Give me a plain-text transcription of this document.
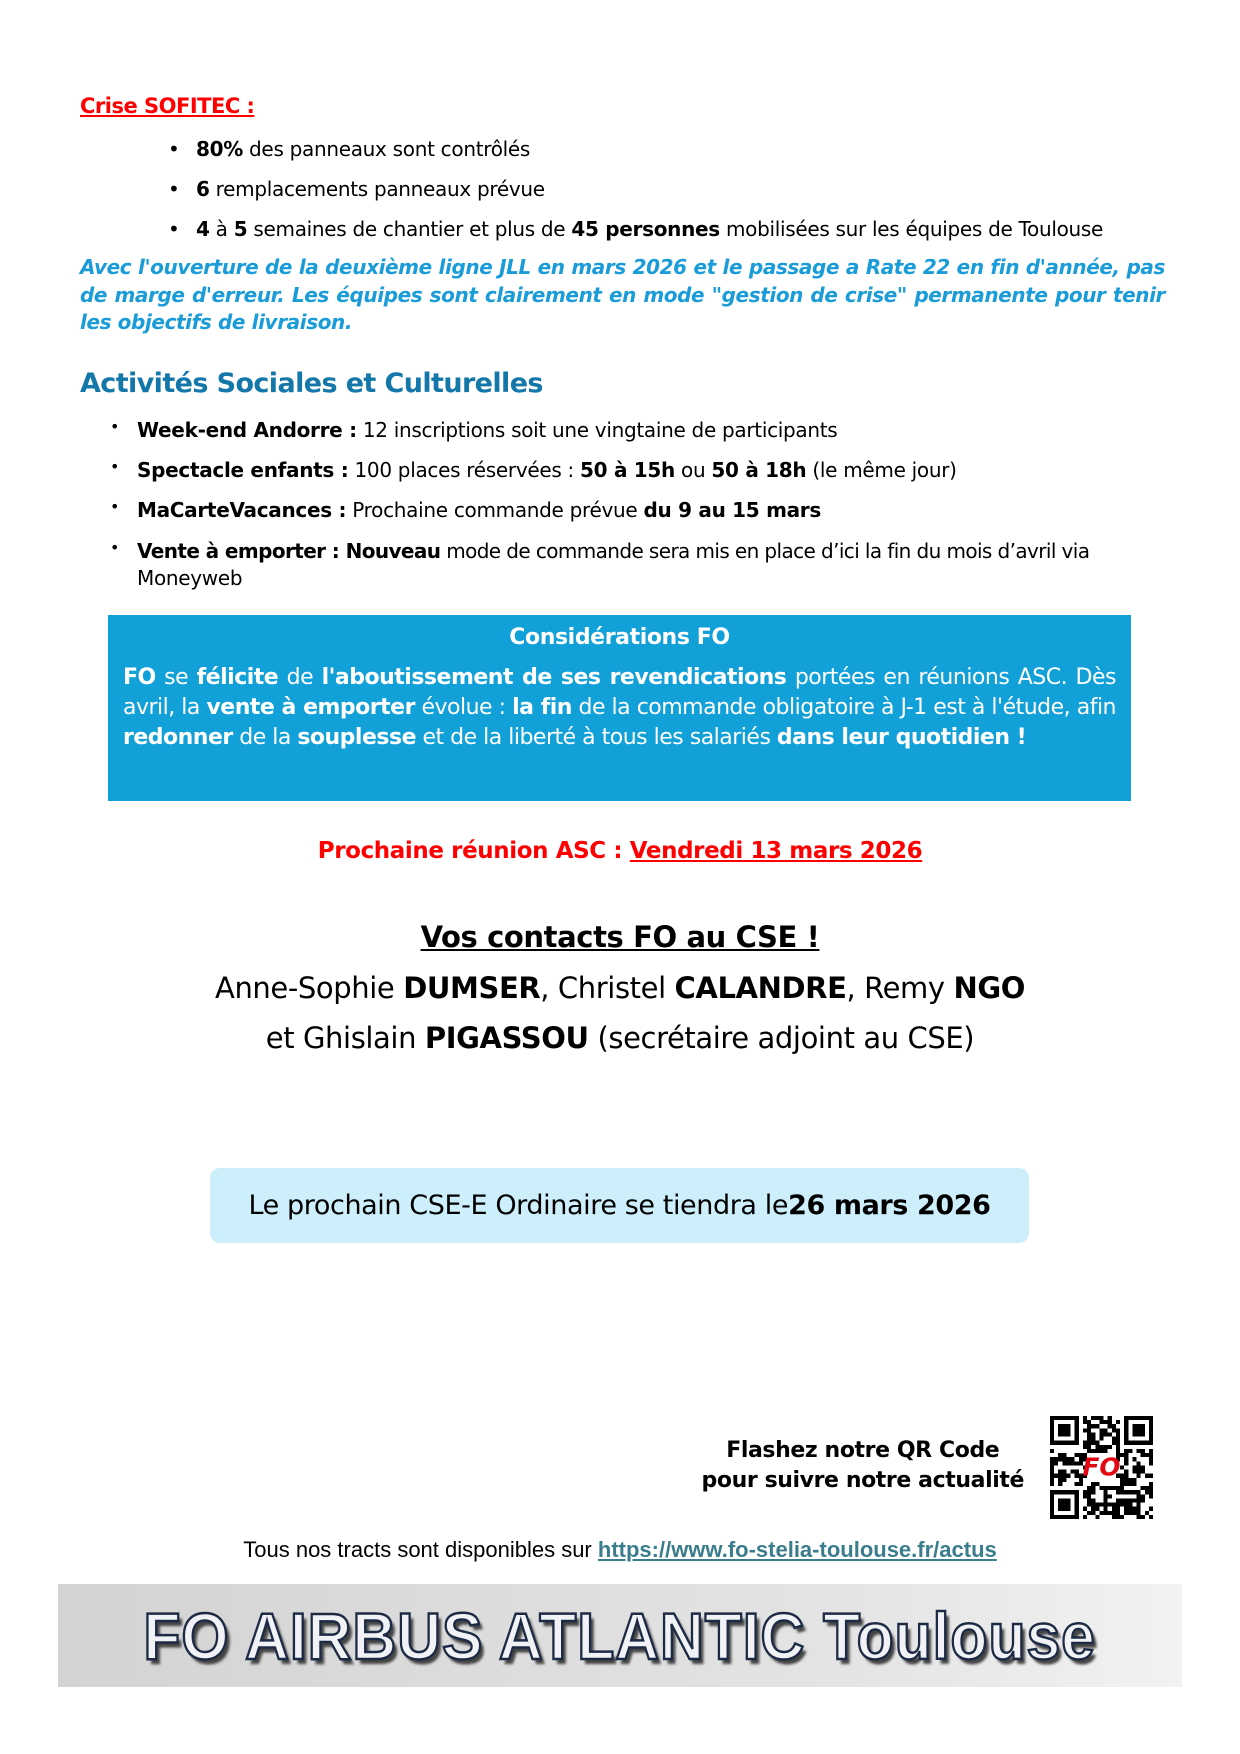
Crise SOFITEC :
• 80% des panneaux sont contrôlés
• 6 remplacements panneaux prévue
• 4 à 5 semaines de chantier et plus de 45 personnes mobilisées sur les équipes de Toulouse
Avec l'ouverture de la deuxième ligne JLL en mars 2026 et le passage a Rate 22 en fin d'année, pas de marge d'erreur. Les équipes sont clairement en mode "gestion de crise" permanente pour tenir les objectifs de livraison.
Activités Sociales et Culturelles
• Week-end Andorre : 12 inscriptions soit une vingtaine de participants
• Spectacle enfants : 100 places réservées : 50 à 15h ou 50 à 18h (le même jour)
• MaCarteVacances : Prochaine commande prévue du 9 au 15 mars
• Vente à emporter : Nouveau mode de commande sera mis en place d’ici la fin du mois d’avril via
Moneyweb
Considérations FO
FO se félicite de l'aboutissement de ses revendications portées en réunions ASC. Dès avril, la vente à emporter évolue : la fin de la commande obligatoire à J-1 est à l'étude, afin redonner de la souplesse et de la liberté à tous les salariés dans leur quotidien !
Prochaine réunion ASC : Vendredi 13 mars 2026
Vos contacts FO au CSE !
Anne-Sophie DUMSER, Christel CALANDRE, Remy NGO
et Ghislain PIGASSOU (secrétaire adjoint au CSE)
Le prochain CSE-E Ordinaire se tiendra le 26 mars 2026
Flashez notre QR Code
pour suivre notre actualité	FO
Tous nos tracts sont disponibles sur https://www.fo-stelia-toulouse.fr/actus
FO AIRBUS ATLANTIC Toulouse
